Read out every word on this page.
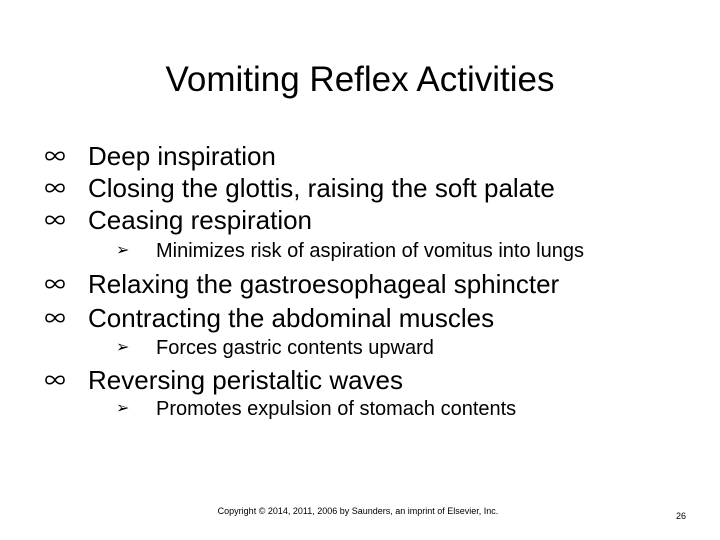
Vomiting Reflex Activities
Deep inspiration
Closing the glottis, raising the soft palate
Ceasing respiration
➢ Minimizes risk of aspiration of vomitus into lungs
Relaxing the gastroesophageal sphincter
Contracting the abdominal muscles
➢ Forces gastric contents upward
Reversing peristaltic waves
➢ Promotes expulsion of stomach contents
Copyright © 2014, 2011, 2006 by Saunders, an imprint of Elsevier, Inc.	26
